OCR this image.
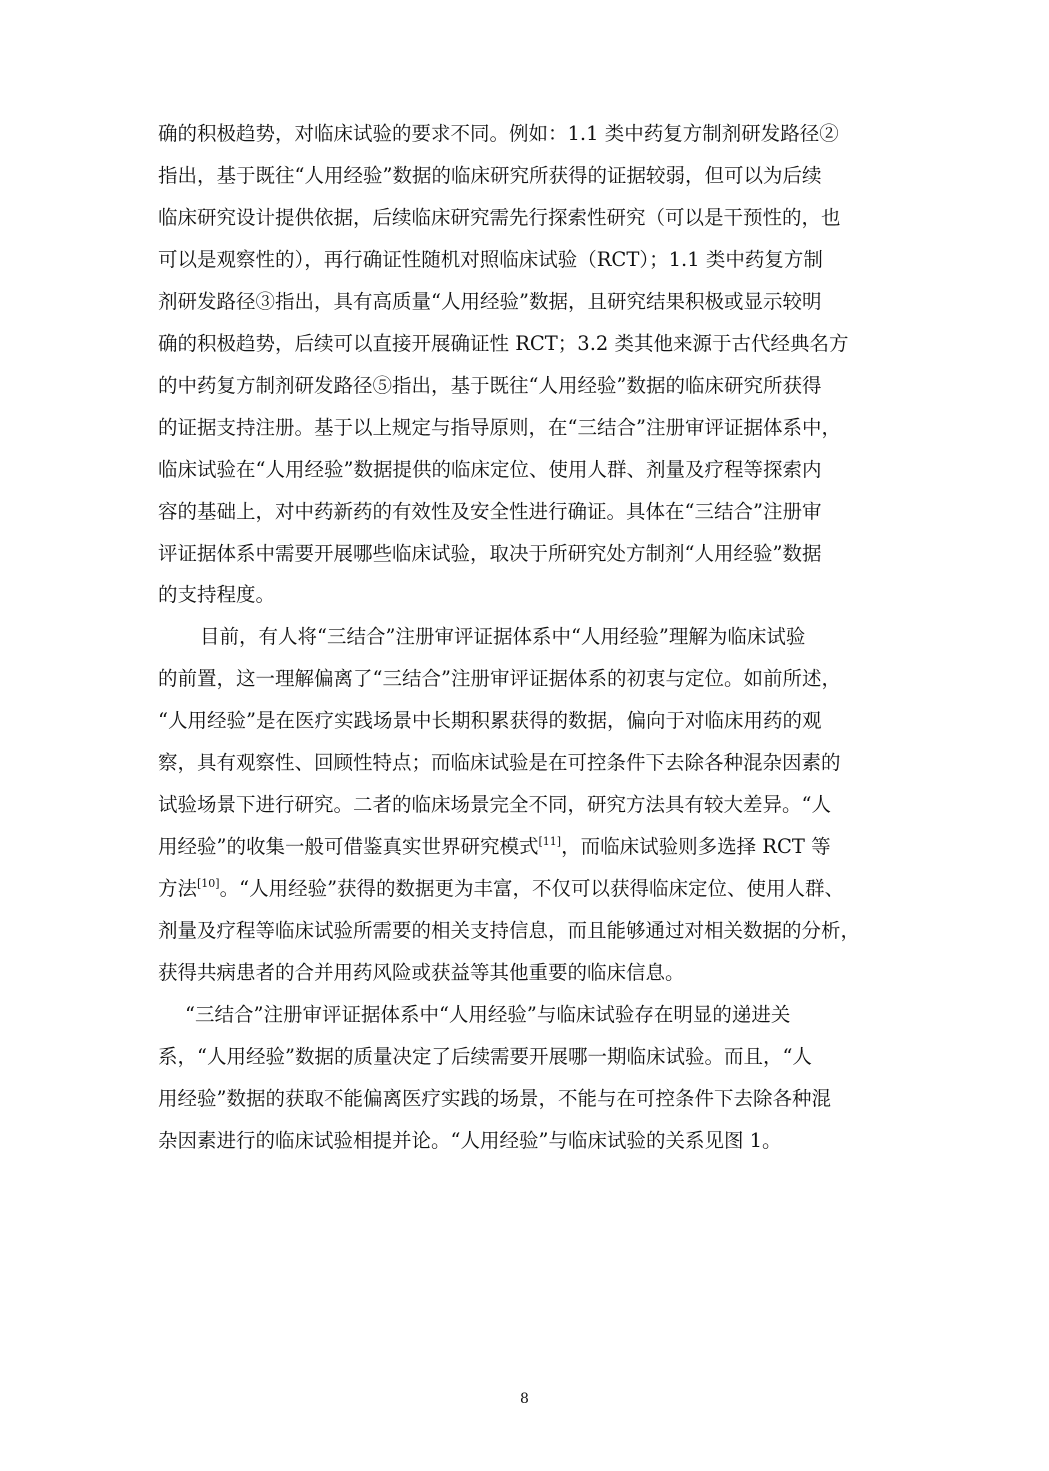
确的积极趋势，对临床试验的要求不同。例如：1.1 类中药复方制剂研发路径②
指出，基于既往“人用经验”数据的临床研究所获得的证据较弱，但可以为后续
临床研究设计提供依据，后续临床研究需先行探索性研究（可以是干预性的，也
可以是观察性的），再行确证性随机对照临床试验（RCT）；1.1 类中药复方制
剂研发路径③指出，具有高质量“人用经验”数据，且研究结果积极或显示较明
确的积极趋势，后续可以直接开展确证性 RCT；3.2 类其他来源于古代经典名方
的中药复方制剂研发路径⑤指出，基于既往“人用经验”数据的临床研究所获得
的证据支持注册。基于以上规定与指导原则，在“三结合”注册审评证据体系中，
临床试验在“人用经验”数据提供的临床定位、使用人群、剂量及疗程等探索内
容的基础上，对中药新药的有效性及安全性进行确证。具体在“三结合”注册审
评证据体系中需要开展哪些临床试验，取决于所研究处方制剂“人用经验”数据
的支持程度。
目前，有人将“三结合”注册审评证据体系中“人用经验”理解为临床试验
的前置，这一理解偏离了“三结合”注册审评证据体系的初衷与定位。如前所述，
“人用经验”是在医疗实践场景中长期积累获得的数据，偏向于对临床用药的观
察，具有观察性、回顾性特点；而临床试验是在可控条件下去除各种混杂因素的
试验场景下进行研究。二者的临床场景完全不同，研究方法具有较大差异。“人
用经验”的收集一般可借鉴真实世界研究模式[11]，而临床试验则多选择 RCT 等
方法[10]。“人用经验”获得的数据更为丰富，不仅可以获得临床定位、使用人群、
剂量及疗程等临床试验所需要的相关支持信息，而且能够通过对相关数据的分析，
获得共病患者的合并用药风险或获益等其他重要的临床信息。
“三结合”注册审评证据体系中“人用经验”与临床试验存在明显的递进关
系，“人用经验”数据的质量决定了后续需要开展哪一期临床试验。而且，“人
用经验”数据的获取不能偏离医疗实践的场景，不能与在可控条件下去除各种混
杂因素进行的临床试验相提并论。“人用经验”与临床试验的关系见图 1。
8
